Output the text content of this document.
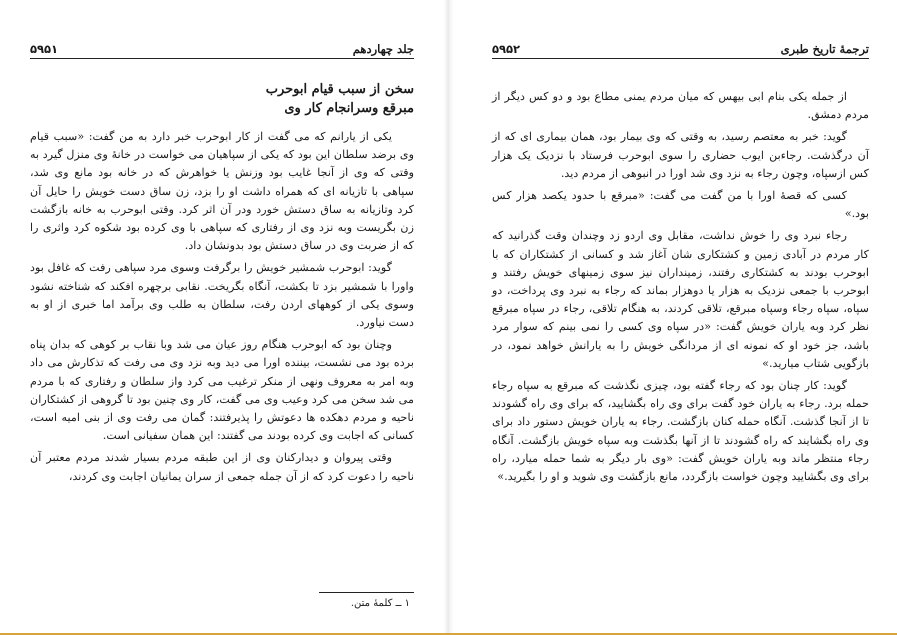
جلد چهاردهم
۵۹۵۱
سخن از سبب قیام ابوحرب
مبرقع وسرانجام کار وی

یکی از یارانم که می گفت از کار ابوحرب خبر دارد به من گفت: «سبب قیام وی برضد سلطان این بود که یکی از سپاهیان می خواست در خانهٔ وی منزل گیرد به وقتی که وی از آنجا غایب بود وزنش یا خواهرش که در خانه بود مانع وی شد، سپاهی با تازیانه ای که همراه داشت او را بزد، زن ساق دست خویش را حایل آن کرد وتازیانه به ساق دستش خورد ودر آن اثر کرد. وقتی ابوحرب به خانه بازگشت زن بگریست وبه نزد وی از رفتاری که سپاهی با وی کرده بود شکوه کرد واثری را که از ضربت وی در ساق دستش بود بدونشان داد.

گوید: ابوحرب شمشیر خویش را برگرفت وسوی مرد سپاهی رفت که غافل بود واورا با شمشیر بزد تا بکشت، آنگاه بگریخت. نقابی برچهره افکند که شناخته نشود وسوی یکی از کوههای اردن رفت، سلطان به طلب وی برآمد اما خبری از او به دست نیاورد.

وچنان بود که ابوحرب هنگام روز عیان می شد وبا نقاب بر کوهی که بدان پناه برده بود می نشست، بیننده اورا می دید وبه نزد وی می رفت که تذکارش می داد وبه امر به معروف ونهی از منکر ترغیب می کرد واز سلطان و رفتاری که با مردم می شد سخن می کرد وعیب وی می گفت، کار وی چنین بود تا گروهی از کشتکاران ناحیه و مردم دهکده ها دعوتش را پذیرفتند: گمان می رفت وی از بنی امیه است، کسانی که اجابت وی کرده بودند می گفتند: این همان سفیانی است.

وقتی پیروان و دیدارکنان وی از این طبقه مردم بسیار شدند مردم معتبر آن ناحیه را دعوت کرد که از آن جمله جمعی از سران یمانیان اجابت وی کردند،

۱ ــ کلمهٔ متن.
ترجمهٔ تاریخ طبری
۵۹۵۲

از جمله یکی بنام ابی بیهس که میان مردم یمنی مطاع بود و دو کس دیگر از مردم دمشق.

گوید: خبر به معتصم رسید، به وقتی که وی بیمار بود، همان بیماری ای که از آن درگذشت. رجاءبن ایوب حضاری را سوی ابوحرب فرستاد با نزدیک یک هزار کس ازسپاه، وچون رجاء به نزد وی شد اورا در انبوهی از مردم دید.

کسی که قصهٔ اورا با من گفت می گفت: «مبرقع با حدود یکصد هزار کس بود.»

رجاء نبرد وی را خوش نداشت، مقابل وی اردو زد وچندان وقت گذرانید که کار مردم در آبادی زمین و کشتکاری شان آغاز شد و کسانی از کشتکاران که با ابوحرب بودند به کشتکاری رفتند، زمینداران نیز سوی زمینهای خویش رفتند و ابوحرب با جمعی نزدیک به هزار یا دوهزار بماند که رجاء به نبرد وی پرداخت، دو سپاه، سپاه رجاء وسپاه مبرقع، تلاقی کردند، به هنگام تلاقی، رجاء در سپاه مبرقع نظر کرد وبه یاران خویش گفت: «در سپاه وی کسی را نمی بینم که سوار مرد باشد، جز خود او که نمونه ای از مردانگی خویش را به یارانش خواهد نمود، در بازگویی شتاب میارید.»

گوید: کار چنان بود که رجاء گفته بود، چیزی نگذشت که مبرقع به سپاه رجاء حمله برد. رجاء به یاران خود گفت برای وی راه بگشایید، که برای وی راه گشودند تا از آنجا گذشت. آنگاه حمله کنان بازگشت. رجاء به یاران خویش دستور داد برای وی راه بگشایند که راه گشودند تا از آنها بگذشت وبه سپاه خویش بازگشت. آنگاه رجاء منتظر ماند وبه یاران خویش گفت: «وی بار دیگر به شما حمله میارد، راه برای وی بگشایید وچون خواست بازگردد، مانع بازگشت وی شوید و او را بگیرید.»
